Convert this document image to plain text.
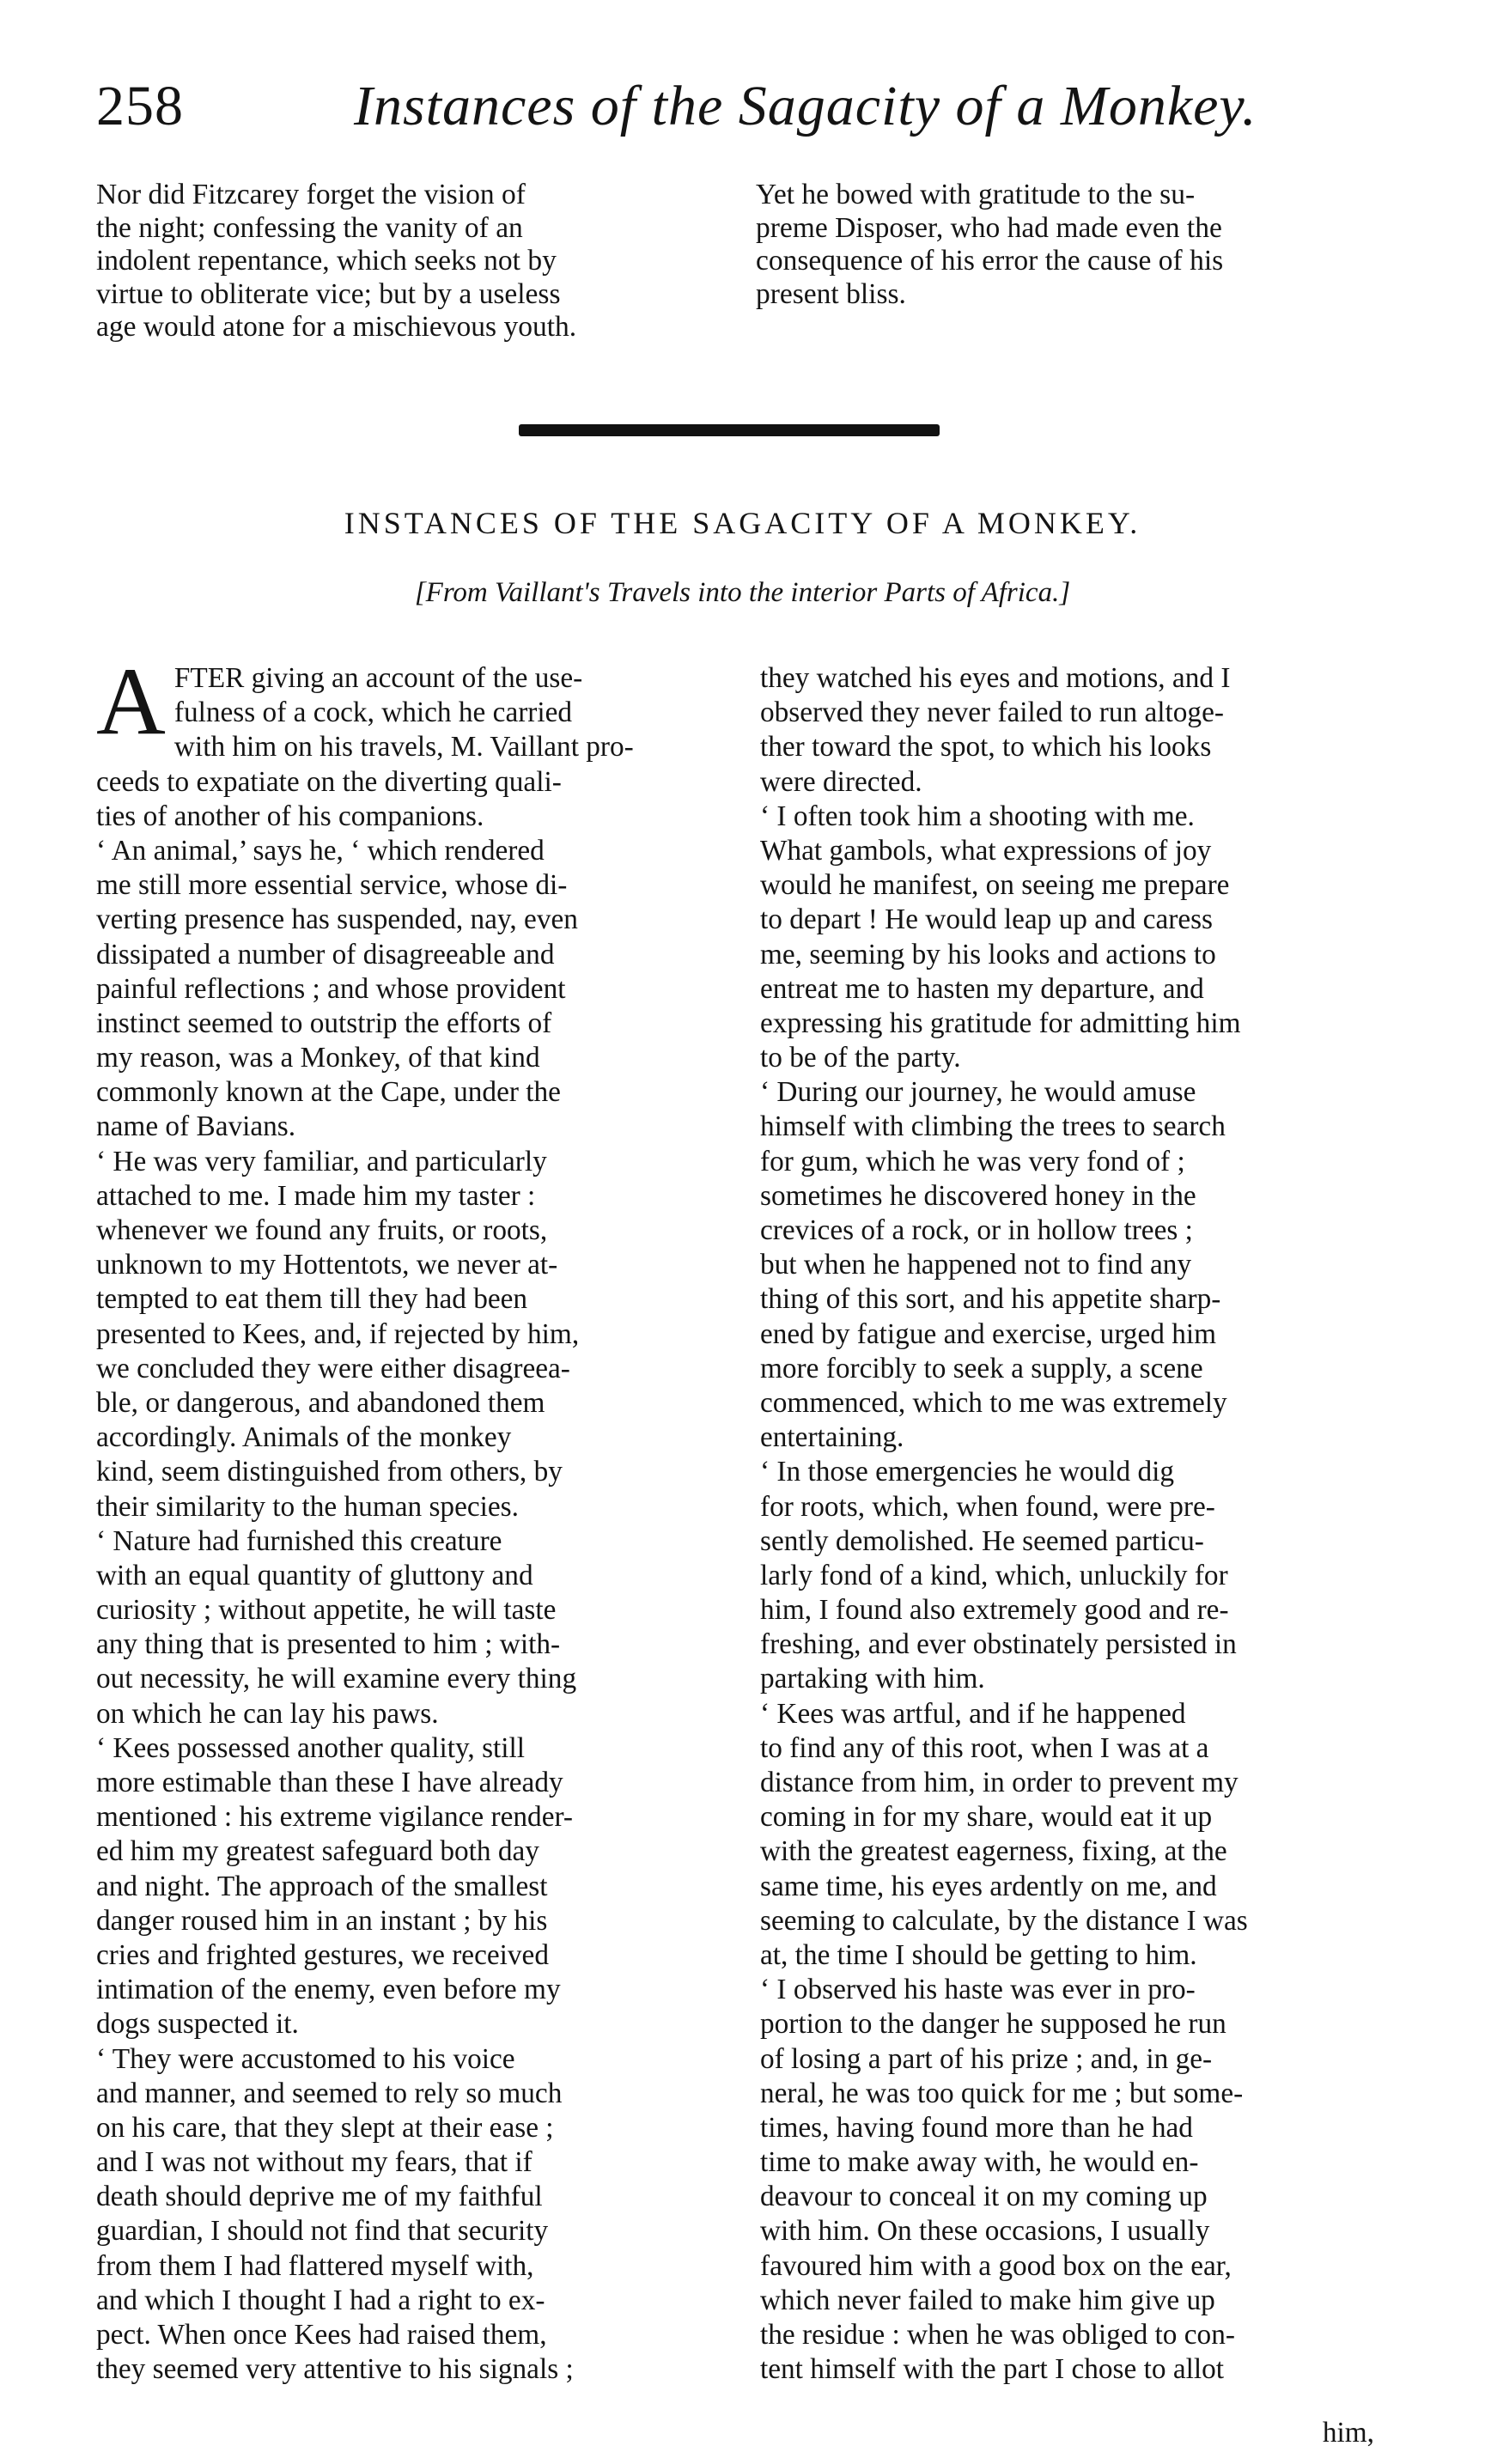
258	Instances of the Sagacity of a Monkey.
Nor did Fitzcarey forget the vision of
the night; confessing the vanity of an
indolent repentance, which seeks not by
virtue to obliterate vice; but by a useless
age would atone for a mischievous youth.
Yet he bowed with gratitude to the su-
preme Disposer, who had made even the
consequence of his error the cause of his
present bliss.
INSTANCES OF THE SAGACITY OF A MONKEY.
[From Vaillant's Travels into the interior Parts of Africa.]
A FTER giving an account of the use-
fulness of a cock, which he carried
with him on his travels, M. Vaillant pro-
ceeds to expatiate on the diverting quali-
ties of another of his companions.
‘ An animal,’ says he, ‘ which rendered
me still more essential service, whose di-
verting presence has suspended, nay, even
dissipated a number of disagreeable and
painful reflections ; and whose provident
instinct seemed to outstrip the efforts of
my reason, was a Monkey, of that kind
commonly known at the Cape, under the
name of Bavians.
‘ He was very familiar, and particularly
attached to me. I made him my taster :
whenever we found any fruits, or roots,
unknown to my Hottentots, we never at-
tempted to eat them till they had been
presented to Kees, and, if rejected by him,
we concluded they were either disagreea-
ble, or dangerous, and abandoned them
accordingly. Animals of the monkey
kind, seem distinguished from others, by
their similarity to the human species.
‘ Nature had furnished this creature
with an equal quantity of gluttony and
curiosity ; without appetite, he will taste
any thing that is presented to him ; with-
out necessity, he will examine every thing
on which he can lay his paws.
‘ Kees possessed another quality, still
more estimable than these I have already
mentioned : his extreme vigilance render-
ed him my greatest safeguard both day
and night. The approach of the smallest
danger roused him in an instant ; by his
cries and frighted gestures, we received
intimation of the enemy, even before my
dogs suspected it.
‘ They were accustomed to his voice
and manner, and seemed to rely so much
on his care, that they slept at their ease ;
and I was not without my fears, that if
death should deprive me of my faithful
guardian, I should not find that security
from them I had flattered myself with,
and which I thought I had a right to ex-
pect. When once Kees had raised them,
they seemed very attentive to his signals ;
they watched his eyes and motions, and I
observed they never failed to run altoge-
ther toward the spot, to which his looks
were directed.
‘ I often took him a shooting with me.
What gambols, what expressions of joy
would he manifest, on seeing me prepare
to depart ! He would leap up and caress
me, seeming by his looks and actions to
entreat me to hasten my departure, and
expressing his gratitude for admitting him
to be of the party.
‘ During our journey, he would amuse
himself with climbing the trees to search
for gum, which he was very fond of ;
sometimes he discovered honey in the
crevices of a rock, or in hollow trees ;
but when he happened not to find any
thing of this sort, and his appetite sharp-
ened by fatigue and exercise, urged him
more forcibly to seek a supply, a scene
commenced, which to me was extremely
entertaining.
‘ In those emergencies he would dig
for roots, which, when found, were pre-
sently demolished. He seemed particu-
larly fond of a kind, which, unluckily for
him, I found also extremely good and re-
freshing, and ever obstinately persisted in
partaking with him.
‘ Kees was artful, and if he happened
to find any of this root, when I was at a
distance from him, in order to prevent my
coming in for my share, would eat it up
with the greatest eagerness, fixing, at the
same time, his eyes ardently on me, and
seeming to calculate, by the distance I was
at, the time I should be getting to him.
‘ I observed his haste was ever in pro-
portion to the danger he supposed he run
of losing a part of his prize ; and, in ge-
neral, he was too quick for me ; but some-
times, having found more than he had
time to make away with, he would en-
deavour to conceal it on my coming up
with him. On these occasions, I usually
favoured him with a good box on the ear,
which never failed to make him give up
the residue : when he was obliged to con-
tent himself with the part I chose to allot
him,
